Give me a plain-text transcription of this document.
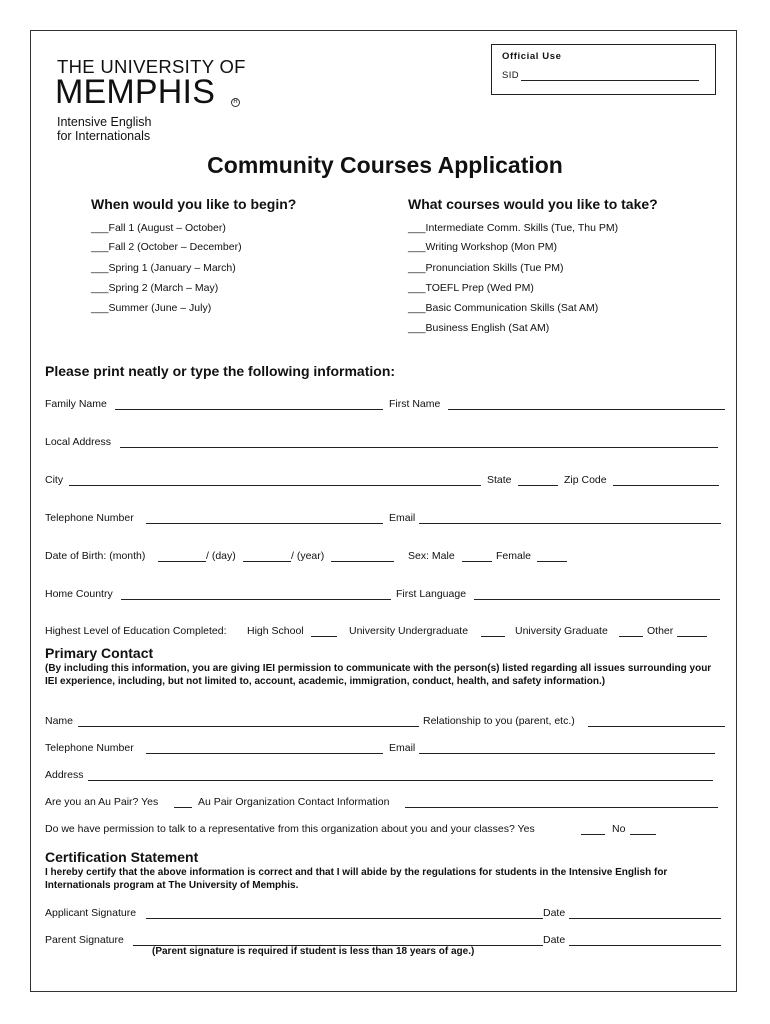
THE UNIVERSITY OF
MEMPHIS	R
Intensive English
for Internationals
Official Use
SID
Community Courses Application
When would you like to begin?
___Fall 1 (August – October)
___Fall 2 (October – December)
___Spring 1 (January – March)
___Spring 2 (March – May)
___Summer (June – July)
What courses would you like to take?
___Intermediate Comm. Skills (Tue, Thu PM)
___Writing Workshop (Mon PM)
___Pronunciation Skills (Tue PM)
___TOEFL Prep (Wed PM)
___Basic Communication Skills (Sat AM)
___Business English (Sat AM)
Please print neatly or type the following information:
Family Name	First Name
Local Address
City	State	Zip Code
Telephone Number	Email
Date of Birth: (month)	/ (day)	/ (year)	Sex: Male	Female
Home Country	First Language
Highest Level of Education Completed: High School	University Undergraduate	University Graduate	Other
Primary Contact
(By including this information, you are giving IEI permission to communicate with the person(s) listed regarding all issues surrounding your IEI experience, including, but not limited to, account, academic, immigration, conduct, health, and safety information.)
Name	Relationship to you (parent, etc.)
Telephone Number	Email
Address
Are you an Au Pair? Yes	Au Pair Organization Contact Information
Do we have permission to talk to a representative from this organization about you and your classes? Yes	No
Certification Statement
I hereby certify that the above information is correct and that I will abide by the regulations for students in the Intensive English for Internationals program at The University of Memphis.
Applicant Signature	Date
Parent Signature	Date
(Parent signature is required if student is less than 18 years of age.)
